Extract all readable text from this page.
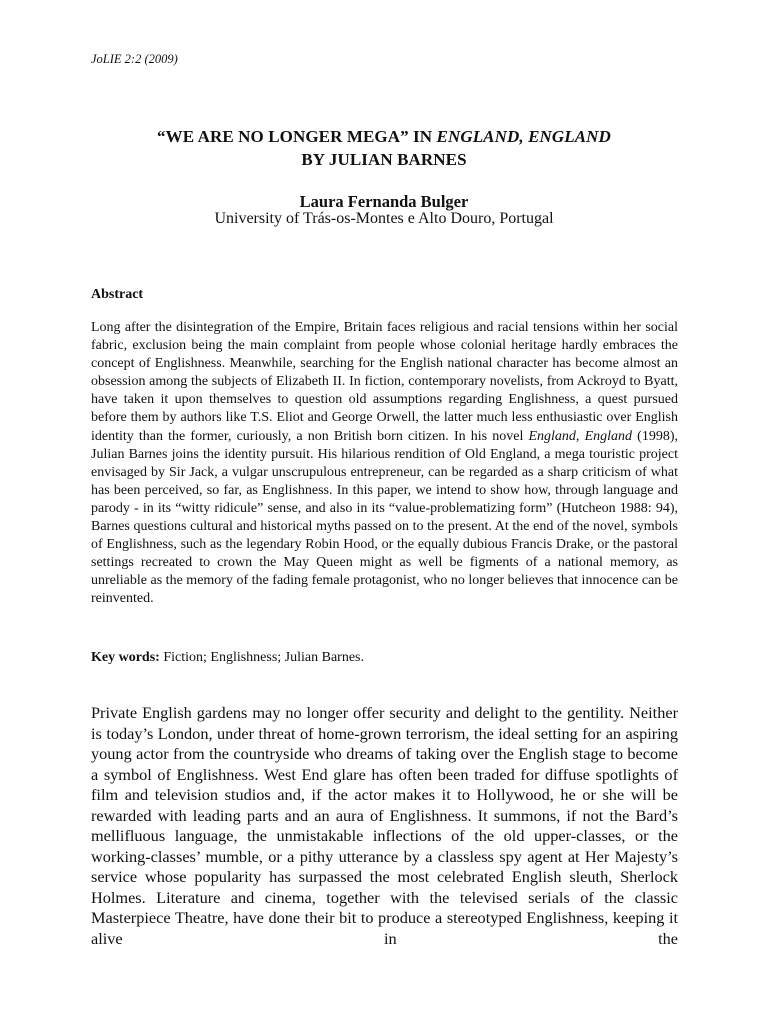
JoLIE 2:2 (2009)
“WE ARE NO LONGER MEGA” IN ENGLAND, ENGLAND
BY JULIAN BARNES
Laura Fernanda Bulger
University of Trás-os-Montes e Alto Douro, Portugal
Abstract

Long after the disintegration of the Empire, Britain faces religious and racial tensions within her social fabric, exclusion being the main complaint from people whose colonial heritage hardly embraces the concept of Englishness. Meanwhile, searching for the English national character has become almost an obsession among the subjects of Elizabeth II. In fiction, contemporary novelists, from Ackroyd to Byatt, have taken it upon themselves to question old assumptions regarding Englishness, a quest pursued before them by authors like T.S. Eliot and George Orwell, the latter much less enthusiastic over English identity than the former, curiously, a non British born citizen. In his novel England, England (1998), Julian Barnes joins the identity pursuit. His hilarious rendition of Old England, a mega touristic project envisaged by Sir Jack, a vulgar unscrupulous entrepreneur, can be regarded as a sharp criticism of what has been perceived, so far, as Englishness. In this paper, we intend to show how, through language and parody - in its “witty ridicule” sense, and also in its “value-problematizing form” (Hutcheon 1988: 94), Barnes questions cultural and historical myths passed on to the present. At the end of the novel, symbols of Englishness, such as the legendary Robin Hood, or the equally dubious Francis Drake, or the pastoral settings recreated to crown the May Queen might as well be figments of a national memory, as unreliable as the memory of the fading female protagonist, who no longer believes that innocence can be reinvented.

Key words: Fiction; Englishness; Julian Barnes.

Private English gardens may no longer offer security and delight to the gentility. Neither is today’s London, under threat of home-grown terrorism, the ideal setting for an aspiring young actor from the countryside who dreams of taking over the English stage to become a symbol of Englishness. West End glare has often been traded for diffuse spotlights of film and television studios and, if the actor makes it to Hollywood, he or she will be rewarded with leading parts and an aura of Englishness. It summons, if not the Bard’s mellifluous language, the unmistakable inflections of the old upper-classes, or the working-classes’ mumble, or a pithy utterance by a classless spy agent at Her Majesty’s service whose popularity has surpassed the most celebrated English sleuth, Sherlock Holmes. Literature and cinema, together with the televised serials of the classic Masterpiece Theatre, have done their bit to produce a stereotyped Englishness, keeping it alive in the
